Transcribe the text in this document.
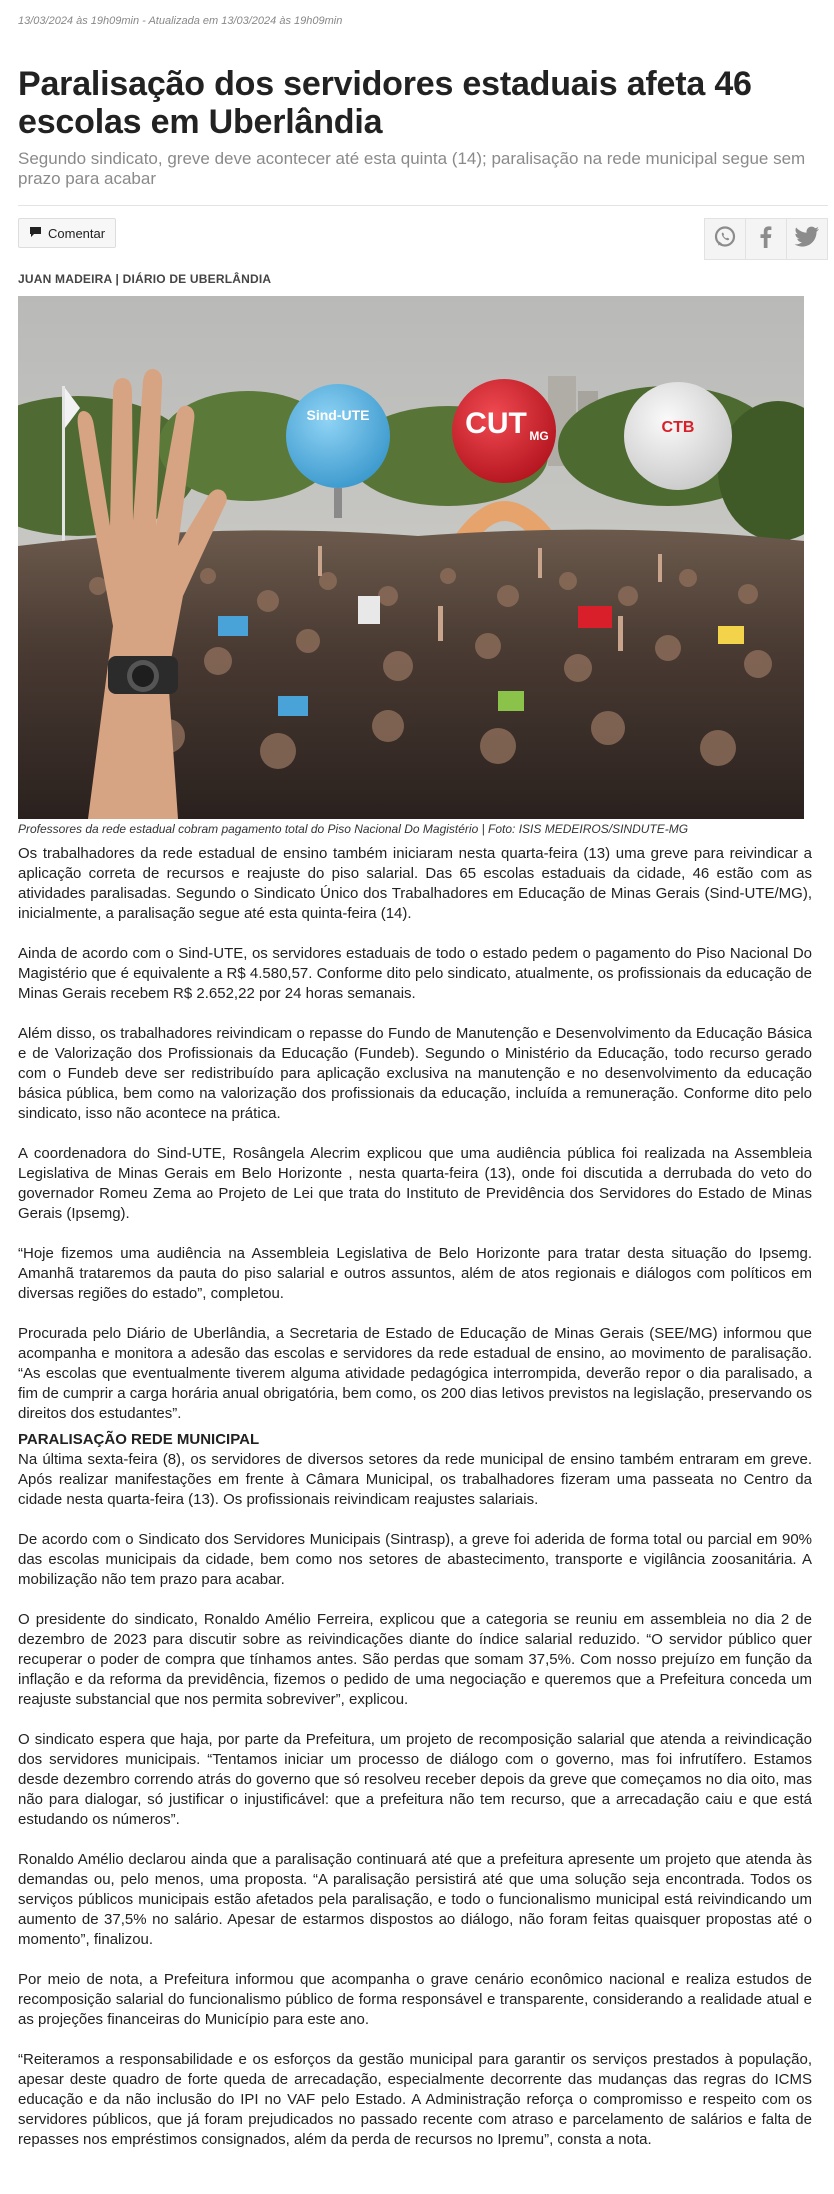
13/03/2024 às 19h09min - Atualizada em 13/03/2024 às 19h09min
Paralisação dos servidores estaduais afeta 46 escolas em Uberlândia
Segundo sindicato, greve deve acontecer até esta quinta (14); paralisação na rede municipal segue sem prazo para acabar
Comentar
JUAN MADEIRA | DIÁRIO DE UBERLÂNDIA
Sind-UTE	CUT MG	CTB
Professores da rede estadual cobram pagamento total do Piso Nacional Do Magistério | Foto: ISIS MEDEIROS/SINDUTE-MG

Os trabalhadores da rede estadual de ensino também iniciaram nesta quarta-feira (13) uma greve para reivindicar a aplicação correta de recursos e reajuste do piso salarial. Das 65 escolas estaduais da cidade, 46 estão com as atividades paralisadas. Segundo o Sindicato Único dos Trabalhadores em Educação de Minas Gerais (Sind-UTE/MG), inicialmente, a paralisação segue até esta quinta-feira (14).

Ainda de acordo com o Sind-UTE, os servidores estaduais de todo o estado pedem o pagamento do Piso Nacional Do Magistério que é equivalente a R$ 4.580,57. Conforme dito pelo sindicato, atualmente, os profissionais da educação de Minas Gerais recebem R$ 2.652,22 por 24 horas semanais.

Além disso, os trabalhadores reivindicam o repasse do Fundo de Manutenção e Desenvolvimento da Educação Básica e de Valorização dos Profissionais da Educação (Fundeb). Segundo o Ministério da Educação, todo recurso gerado com o Fundeb deve ser redistribuído para aplicação exclusiva na manutenção e no desenvolvimento da educação básica pública, bem como na valorização dos profissionais da educação, incluída a remuneração. Conforme dito pelo sindicato, isso não acontece na prática.

A coordenadora do Sind-UTE, Rosângela Alecrim explicou que uma audiência pública foi realizada na Assembleia Legislativa de Minas Gerais em Belo Horizonte , nesta quarta-feira (13), onde foi discutida a derrubada do veto do governador Romeu Zema ao Projeto de Lei que trata do Instituto de Previdência dos Servidores do Estado de Minas Gerais (Ipsemg).

“Hoje fizemos uma audiência na Assembleia Legislativa de Belo Horizonte para tratar desta situação do Ipsemg. Amanhã trataremos da pauta do piso salarial e outros assuntos, além de atos regionais e diálogos com políticos em diversas regiões do estado”, completou.

Procurada pelo Diário de Uberlândia, a Secretaria de Estado de Educação de Minas Gerais (SEE/MG) informou que acompanha e monitora a adesão das escolas e servidores da rede estadual de ensino, ao movimento de paralisação. “As escolas que eventualmente tiverem alguma atividade pedagógica interrompida, deverão repor o dia paralisado, a fim de cumprir a carga horária anual obrigatória, bem como, os 200 dias letivos previstos na legislação, preservando os direitos dos estudantes”.

PARALISAÇÃO REDE MUNICIPAL

Na última sexta-feira (8), os servidores de diversos setores da rede municipal de ensino também entraram em greve. Após realizar manifestações em frente à Câmara Municipal, os trabalhadores fizeram uma passeata no Centro da cidade nesta quarta-feira (13). Os profissionais reivindicam reajustes salariais.

De acordo com o Sindicato dos Servidores Municipais (Sintrasp), a greve foi aderida de forma total ou parcial em 90% das escolas municipais da cidade, bem como nos setores de abastecimento, transporte e vigilância zoosanitária. A mobilização não tem prazo para acabar.

O presidente do sindicato, Ronaldo Amélio Ferreira, explicou que a categoria se reuniu em assembleia no dia 2 de dezembro de 2023 para discutir sobre as reivindicações diante do índice salarial reduzido. “O servidor público quer recuperar o poder de compra que tínhamos antes. São perdas que somam 37,5%. Com nosso prejuízo em função da inflação e da reforma da previdência, fizemos o pedido de uma negociação e queremos que a Prefeitura conceda um reajuste substancial que nos permita sobreviver”, explicou.

O sindicato espera que haja, por parte da Prefeitura, um projeto de recomposição salarial que atenda a reivindicação dos servidores municipais. “Tentamos iniciar um processo de diálogo com o governo, mas foi infrutífero. Estamos desde dezembro correndo atrás do governo que só resolveu receber depois da greve que começamos no dia oito, mas não para dialogar, só justificar o injustificável: que a prefeitura não tem recurso, que a arrecadação caiu e que está estudando os números”.

Ronaldo Amélio declarou ainda que a paralisação continuará até que a prefeitura apresente um projeto que atenda às demandas ou, pelo menos, uma proposta. “A paralisação persistirá até que uma solução seja encontrada. Todos os serviços públicos municipais estão afetados pela paralisação, e todo o funcionalismo municipal está reivindicando um aumento de 37,5% no salário. Apesar de estarmos dispostos ao diálogo, não foram feitas quaisquer propostas até o momento”, finalizou.

Por meio de nota, a Prefeitura informou que acompanha o grave cenário econômico nacional e realiza estudos de recomposição salarial do funcionalismo público de forma responsável e transparente, considerando a realidade atual e as projeções financeiras do Município para este ano.

“Reiteramos a responsabilidade e os esforços da gestão municipal para garantir os serviços prestados à população, apesar deste quadro de forte queda de arrecadação, especialmente decorrente das mudanças das regras do ICMS educação e da não inclusão do IPI no VAF pelo Estado. A Administração reforça o compromisso e respeito com os servidores públicos, que já foram prejudicados no passado recente com atraso e parcelamento de salários e falta de repasses nos empréstimos consignados, além da perda de recursos no Ipremu”, consta a nota.
